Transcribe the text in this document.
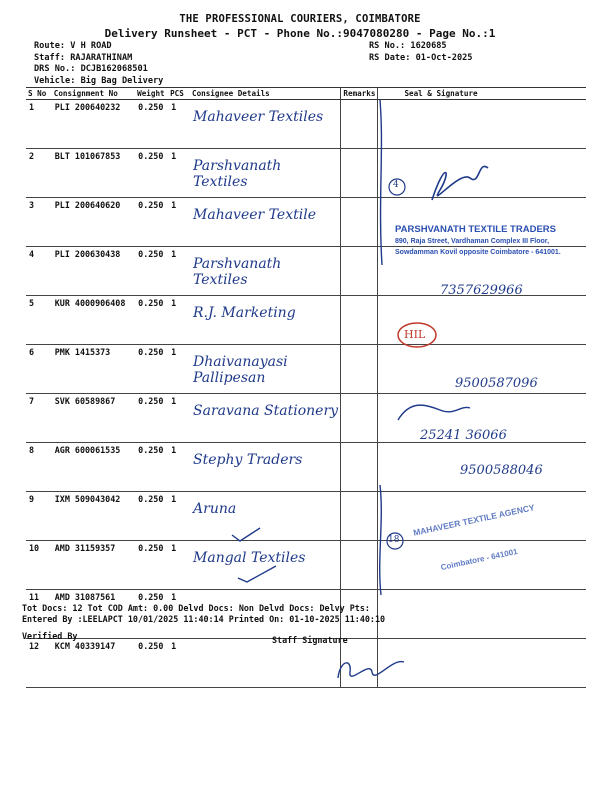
THE PROFESSIONAL COURIERS, COIMBATORE
Delivery Runsheet - PCT - Phone No.:9047080280 - Page No.:1
Route: V H ROAD
Staff: RAJARATHINAM
DRS No.: DCJB162068501
Vehicle: Big Bag Delivery
RS No.: 1620685
RS Date: 01-Oct-2025
S No	Consignment No	Weight	PCS	Consignee Details	Remarks	Seal & Signature
1	PLI 200640232	0.250	1	Mahaveer Textiles		
2	BLT 101067853	0.250	1	Parshvanath Textiles		
3	PLI 200640620	0.250	1	Mahaveer Textile		
4	PLI 200630438	0.250	1	Parshvanath Textiles		
5	KUR 4000906408	0.250	1	R.J. Marketing		
6	PMK 1415373	0.250	1	Dhaivanayasi Pallipesan		
7	SVK 60589867	0.250	1	Saravana Stationery		
8	AGR 600061535	0.250	1	Stephy Traders		
9	IXM 509043042	0.250	1	Aruna		
10	AMD 31159357	0.250	1	Mangal Textiles		
11	AMD 31087561	0.250	1			
12	KCM 40339147	0.250	1			
4
18
HIL
7357629966
9500587096
25241 36066
9500588046
PARSHVANATH TEXTILE TRADERS
890, Raja Street, Vardhaman Complex III Floor,
Sowdamman Kovil opposite Coimbatore - 641001.
MAHAVEER TEXTILE AGENCY
Coimbatore - 641001
Tot Docs: 12 Tot COD Amt: 0.00 Delvd Docs: Non Delvd Docs: Delvy Pts:
Entered By :LEELAPCT 10/01/2025 11:40:14 Printed On: 01-10-2025 11:40:10
Verified By	Staff Signature
